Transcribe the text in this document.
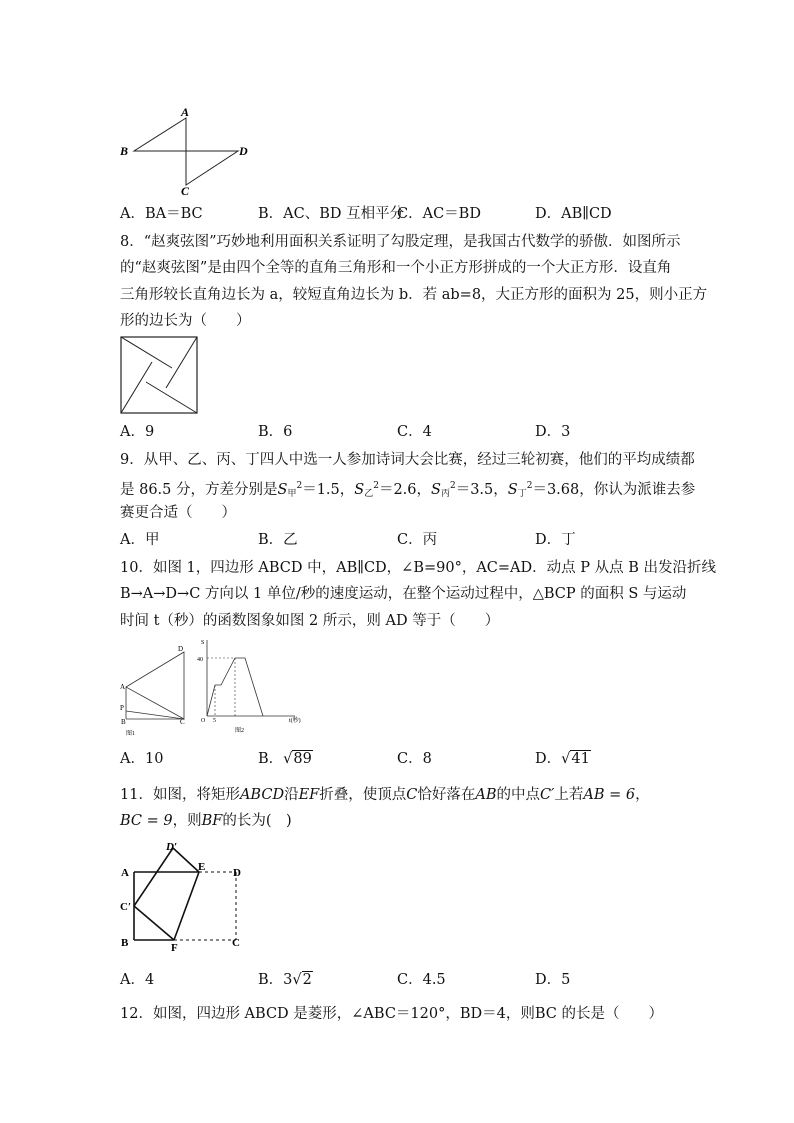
A
B	D
C
A．BA＝BC	B．AC、BD 互相平分
C．AC＝BD	D．AB∥CD
8．“赵爽弦图”巧妙地利用面积关系证明了勾股定理，是我国古代数学的骄傲．如图所示
的“赵爽弦图”是由四个全等的直角三角形和一个小正方形拼成的一个大正方形．设直角
三角形较长直角边长为 a，较短直角边长为 b．若 ab=8，大正方形的面积为 25，则小正方
形的边长为（　　）
A．9	B．6	C．4	D．3
9．从甲、乙、丙、丁四人中选一人参加诗词大会比赛，经过三轮初赛，他们的平均成绩都
是 86.5 分，方差分别是$S_甲^2=1.5$，$S_乙^2=2.6$，$S_丙^2=3.5$，$S_丁^2=3.68$，你认为派谁去参
赛更合适（　　）
A．甲	B．乙	C．丙	D．丁
10．如图 1，四边形 ABCD 中，AB∥CD，∠B=90°，AC=AD．动点 P 从点 B 出发沿折线
B→A→D→C 方向以 1 单位/秒的速度运动，在整个运动过程中，△BCP 的面积 S 与运动
时间 t（秒）的函数图象如图 2 所示，则 AD 等于（　　）
D
A
P
B	C
图1
S
40
O 5	t(秒)
图2
A．10	B．√89	C．8	D．√41
11．如图，将矩形ABCD沿EF折叠，使顶点C恰好落在AB的中点C′上若AB = 6，
BC = 9，则BF的长为(　)
D′
A	E	D
C′
B	F	C
A．4	B．3√2	C．4.5	D．5
12．如图，四边形 ABCD 是菱形，∠ABC＝120°，BD＝4，则BC 的长是（　　）
